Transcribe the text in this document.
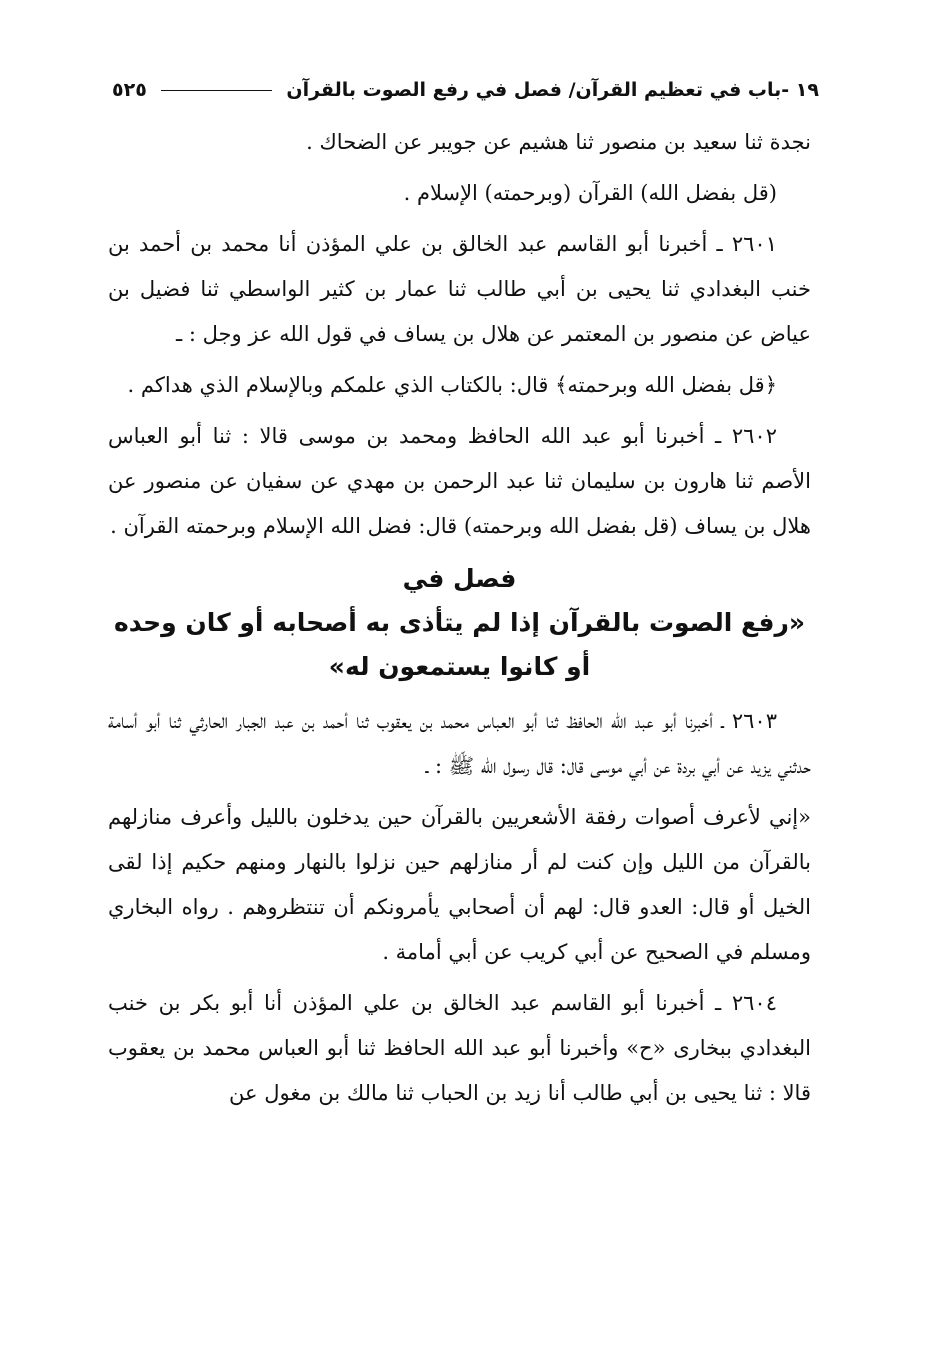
١٩ -باب في تعظيم القرآن/ فصل في رفع الصوت بالقرآن
٥٢٥

نجدة ثنا سعيد بن منصور ثنا هشيم عن جويبر عن الضحاك .

(قل بفضل الله) القرآن (وبرحمته) الإسلام .

٢٦٠١ ـ أخبرنا أبو القاسم عبد الخالق بن علي المؤذن أنا محمد بن أحمد بن خنب البغدادي ثنا يحيى بن أبي طالب ثنا عمار بن كثير الواسطي ثنا فضيل بن عياض عن منصور بن المعتمر عن هلال بن يساف في قول الله عز وجل : ـ

﴿قل بفضل الله وبرحمته﴾ قال: بالكتاب الذي علمكم وبالإسلام الذي هداكم .

٢٦٠٢ ـ أخبرنا أبو عبد الله الحافظ ومحمد بن موسى قالا : ثنا أبو العباس الأصم ثنا هارون بن سليمان ثنا عبد الرحمن بن مهدي عن سفيان عن منصور عن هلال بن يساف (قل بفضل الله وبرحمته) قال: فضل الله الإسلام وبرحمته القرآن .

فصل في
«رفع الصوت بالقرآن إذا لم يتأذى به أصحابه أو كان وحده
أو كانوا يستمعون له»

٢٦٠٣ ـ أخبرنا أبو عبد الله الحافظ ثنا أبو العباس محمد بن يعقوب ثنا أحمد بن عبد الجبار الحارثي ثنا أبو أسامة حدثني يزيد عن أبي بردة عن أبي موسى قال: قال رسول الله ﷺ : ـ

«إني لأعرف أصوات رفقة الأشعريين بالقرآن حين يدخلون بالليل وأعرف منازلهم بالقرآن من الليل وإن كنت لم أر منازلهم حين نزلوا بالنهار ومنهم حكيم إذا لقى الخيل أو قال: العدو قال: لهم أن أصحابي يأمرونكم أن تنتظروهم . رواه البخاري ومسلم في الصحيح عن أبي كريب عن أبي أمامة .

٢٦٠٤ ـ أخبرنا أبو القاسم عبد الخالق بن علي المؤذن أنا أبو بكر بن خنب البغدادي ببخارى «ح» وأخبرنا أبو عبد الله الحافظ ثنا أبو العباس محمد بن يعقوب قالا : ثنا يحيى بن أبي طالب أنا زيد بن الحباب ثنا مالك بن مغول عن
